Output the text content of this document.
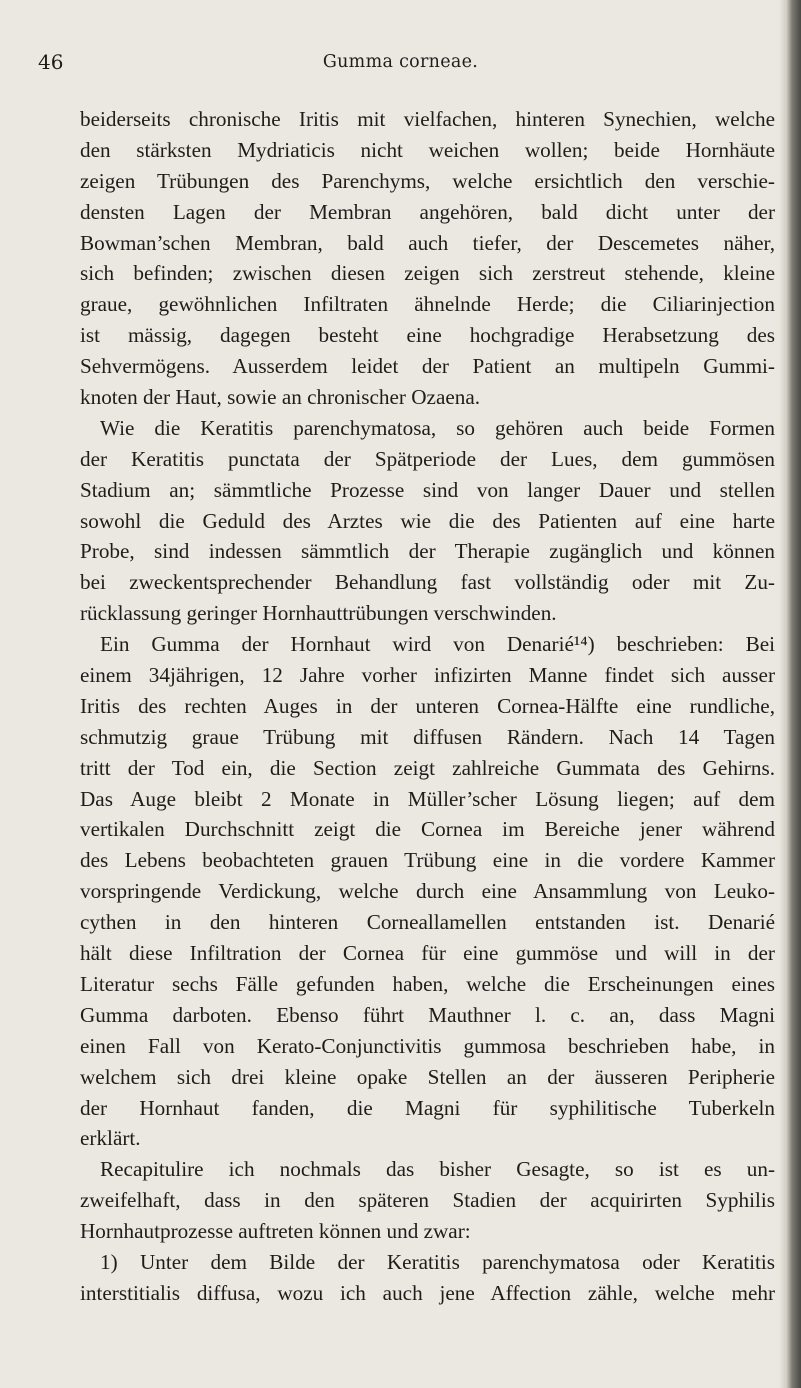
46	Gumma corneae.
beiderseits chronische Iritis mit vielfachen, hinteren Synechien, welche
den stärksten Mydriaticis nicht weichen wollen; beide Hornhäute
zeigen Trübungen des Parenchyms, welche ersichtlich den verschie-
densten Lagen der Membran angehören, bald dicht unter der
Bowman’schen Membran, bald auch tiefer, der Descemetes näher,
sich befinden; zwischen diesen zeigen sich zerstreut stehende, kleine
graue, gewöhnlichen Infiltraten ähnelnde Herde; die Ciliarinjection
ist mässig, dagegen besteht eine hochgradige Herabsetzung des
Sehvermögens. Ausserdem leidet der Patient an multipeln Gummi-
knoten der Haut, sowie an chronischer Ozaena.
Wie die Keratitis parenchymatosa, so gehören auch beide Formen
der Keratitis punctata der Spätperiode der Lues, dem gummösen
Stadium an; sämmtliche Prozesse sind von langer Dauer und stellen
sowohl die Geduld des Arztes wie die des Patienten auf eine harte
Probe, sind indessen sämmtlich der Therapie zugänglich und können
bei zweckentsprechender Behandlung fast vollständig oder mit Zu-
rücklassung geringer Hornhauttrübungen verschwinden.
Ein Gumma der Hornhaut wird von Denarié¹⁴) beschrieben: Bei
einem 34jährigen, 12 Jahre vorher infizirten Manne findet sich ausser
Iritis des rechten Auges in der unteren Cornea-Hälfte eine rundliche,
schmutzig graue Trübung mit diffusen Rändern. Nach 14 Tagen
tritt der Tod ein, die Section zeigt zahlreiche Gummata des Gehirns.
Das Auge bleibt 2 Monate in Müller’scher Lösung liegen; auf dem
vertikalen Durchschnitt zeigt die Cornea im Bereiche jener während
des Lebens beobachteten grauen Trübung eine in die vordere Kammer
vorspringende Verdickung, welche durch eine Ansammlung von Leuko-
cythen in den hinteren Corneallamellen entstanden ist. Denarié
hält diese Infiltration der Cornea für eine gummöse und will in der
Literatur sechs Fälle gefunden haben, welche die Erscheinungen eines
Gumma darboten. Ebenso führt Mauthner l. c. an, dass Magni
einen Fall von Kerato-Conjunctivitis gummosa beschrieben habe, in
welchem sich drei kleine opake Stellen an der äusseren Peripherie
der Hornhaut fanden, die Magni für syphilitische Tuberkeln
erklärt.
Recapitulire ich nochmals das bisher Gesagte, so ist es un-
zweifelhaft, dass in den späteren Stadien der acquirirten Syphilis
Hornhautprozesse auftreten können und zwar:
1) Unter dem Bilde der Keratitis parenchymatosa oder Keratitis
interstitialis diffusa, wozu ich auch jene Affection zähle, welche mehr
